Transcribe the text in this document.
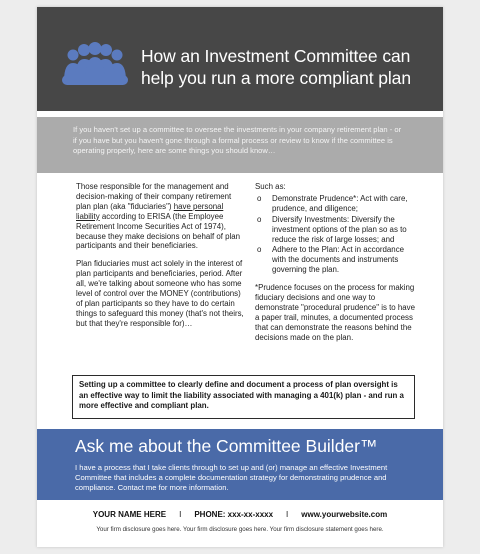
How an Investment Committee can help you run a more compliant plan
If you haven't set up a committee to oversee the investments in your company retirement plan - or if you have but you haven't gone through a formal process or review to know if the committee is operating properly, here are some things you should know…

Those responsible for the management and decision-making of their company retirement plan plan (aka "fiduciaries") have personal liability according to ERISA (the Employee Retirement Income Securities Act of 1974), because they make decisions on behalf of plan participants and their beneficiaries.

Plan fiduciaries must act solely in the interest of plan participants and beneficiaries, period. After all, we're talking about someone who has some level of control over the MONEY (contributions) of plan participants so they have to do certain things to safeguard this money (that's not theirs, but that they're responsible for)…

Such as:

o Demonstrate Prudence*: Act with care, prudence, and diligence;
o Diversify Investments: Diversify the investment options of the plan so as to reduce the risk of large losses; and
o Adhere to the Plan: Act in accordance with the documents and instruments governing the plan.

*Prudence focuses on the process for making fiduciary decisions and one way to demonstrate "procedural prudence" is to have a paper trail, minutes, a documented process that can demonstrate the reasons behind the decisions made on the plan.

Setting up a committee to clearly define and document a process of plan oversight is an effective way to limit the liability associated with managing a 401(k) plan - and run a more effective and compliant plan.
Ask me about the Committee Builder™
I have a process that I take clients through to set up and (or) manage an effective Investment Committee that includes a complete documentation strategy for demonstrating prudence and compliance. Contact me for more information.
YOUR NAME HERE I PHONE: xxx-xx-xxxx I www.yourwebsite.com
Your firm disclosure goes here. Your firm disclosure goes here. Your firm disclosure statement goes here.
